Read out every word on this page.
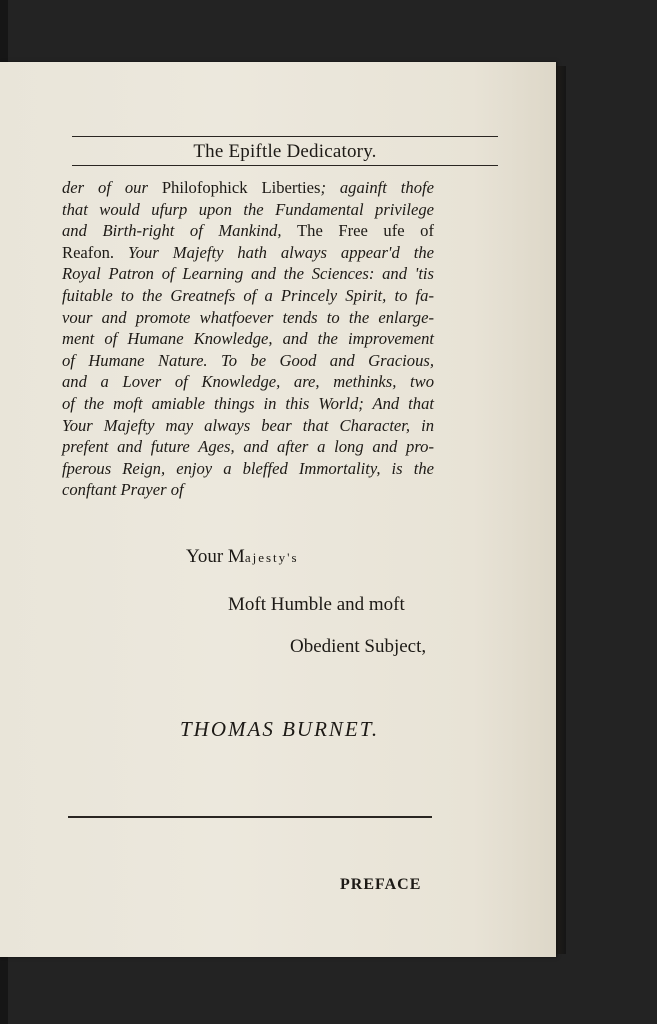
The Epiftle Dedicatory.
der of our Philofophick Liberties; againft thofe
that would ufurp upon the Fundamental privilege
and Birth-right of Mankind, The Free ufe of
Reafon. Your Majefty hath always appear'd the
Royal Patron of Learning and the Sciences: and 'tis
fuitable to the Greatnefs of a Princely Spirit, to fa-
vour and promote whatfoever tends to the enlarge-
ment of Humane Knowledge, and the improvement
of Humane Nature. To be Good and Gracious,
and a Lover of Knowledge, are, methinks, two
of the moft amiable things in this World; And that
Your Majefty may always bear that Character, in
prefent and future Ages, and after a long and pro-
fperous Reign, enjoy a bleffed Immortality, is the
conftant Prayer of
Your Majesty's
Moft Humble and moft
Obedient Subject,
THOMAS BURNET.
PREFACE
